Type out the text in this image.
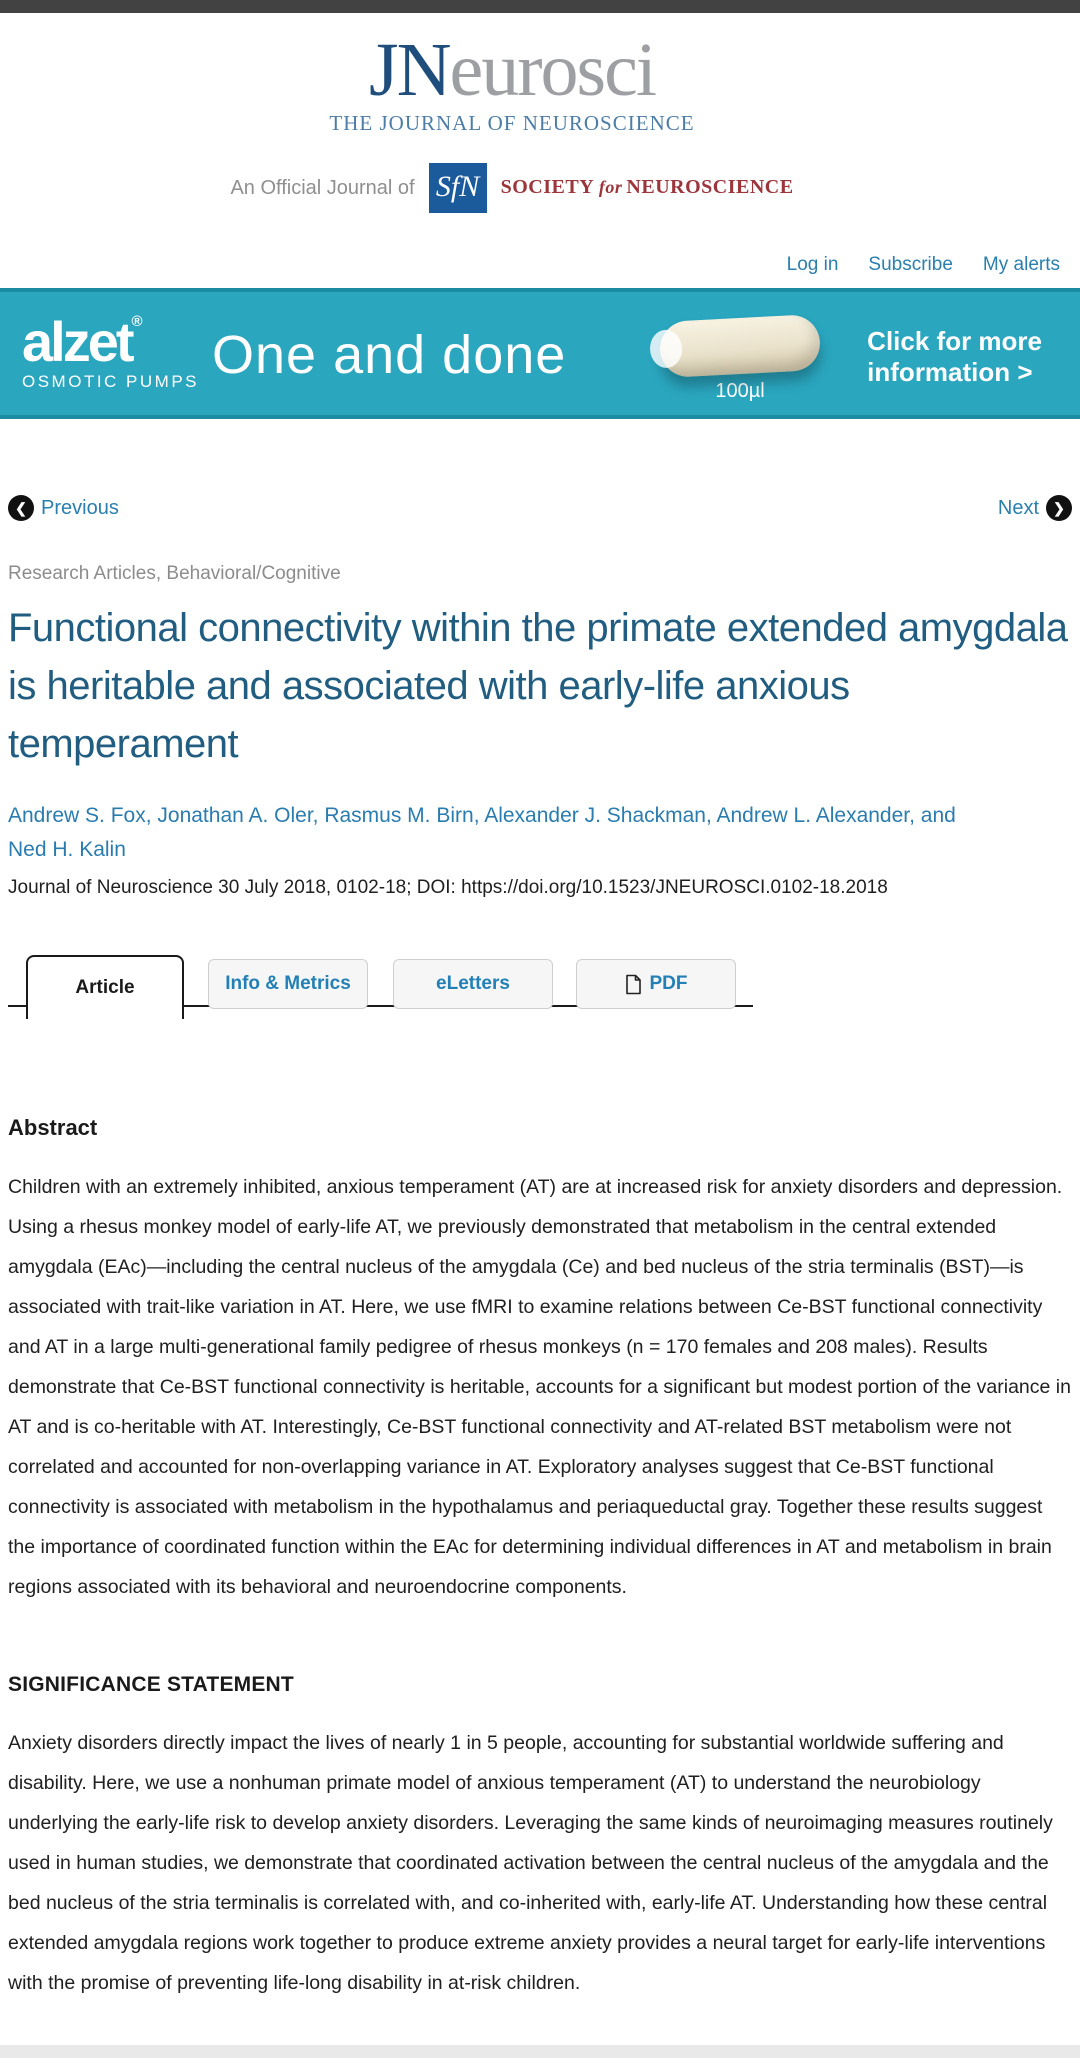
JNeurosci
THE JOURNAL OF NEUROSCIENCE
An Official Journal of SfN	SOCIETY for NEUROSCIENCE
Log in Subscribe My alerts
alzet®
OSMOTIC PUMPS One and done
100µl
Click for more
information >
❮ Previous	Next	❯
Research Articles, Behavioral/Cognitive
Functional connectivity within the primate extended amygdala is heritable and associated with early-life anxious temperament
Andrew S. Fox, Jonathan A. Oler, Rasmus M. Birn, Alexander J. Shackman, Andrew L. Alexander, and
Ned H. Kalin
Journal of Neuroscience 30 July 2018, 0102-18; DOI: https://doi.org/10.1523/JNEUROSCI.0102-18.2018
Article	Info & Metrics	eLetters	PDF
Abstract

Children with an extremely inhibited, anxious temperament (AT) are at increased risk for anxiety disorders and depression. Using a rhesus monkey model of early-life AT, we previously demonstrated that metabolism in the central extended amygdala (EAc)—including the central nucleus of the amygdala (Ce) and bed nucleus of the stria terminalis (BST)—is associated with trait-like variation in AT. Here, we use fMRI to examine relations between Ce-BST functional connectivity and AT in a large multi-generational family pedigree of rhesus monkeys (n = 170 females and 208 males). Results demonstrate that Ce-BST functional connectivity is heritable, accounts for a significant but modest portion of the variance in AT and is co-heritable with AT. Interestingly, Ce-BST functional connectivity and AT-related BST metabolism were not correlated and accounted for non-overlapping variance in AT. Exploratory analyses suggest that Ce-BST functional connectivity is associated with metabolism in the hypothalamus and periaqueductal gray. Together these results suggest the importance of coordinated function within the EAc for determining individual differences in AT and metabolism in brain regions associated with its behavioral and neuroendocrine components.

SIGNIFICANCE STATEMENT

Anxiety disorders directly impact the lives of nearly 1 in 5 people, accounting for substantial worldwide suffering and disability. Here, we use a nonhuman primate model of anxious temperament (AT) to understand the neurobiology underlying the early-life risk to develop anxiety disorders. Leveraging the same kinds of neuroimaging measures routinely used in human studies, we demonstrate that coordinated activation between the central nucleus of the amygdala and the bed nucleus of the stria terminalis is correlated with, and co-inherited with, early-life AT. Understanding how these central extended amygdala regions work together to produce extreme anxiety provides a neural target for early-life interventions with the promise of preventing life-long disability in at-risk children.
